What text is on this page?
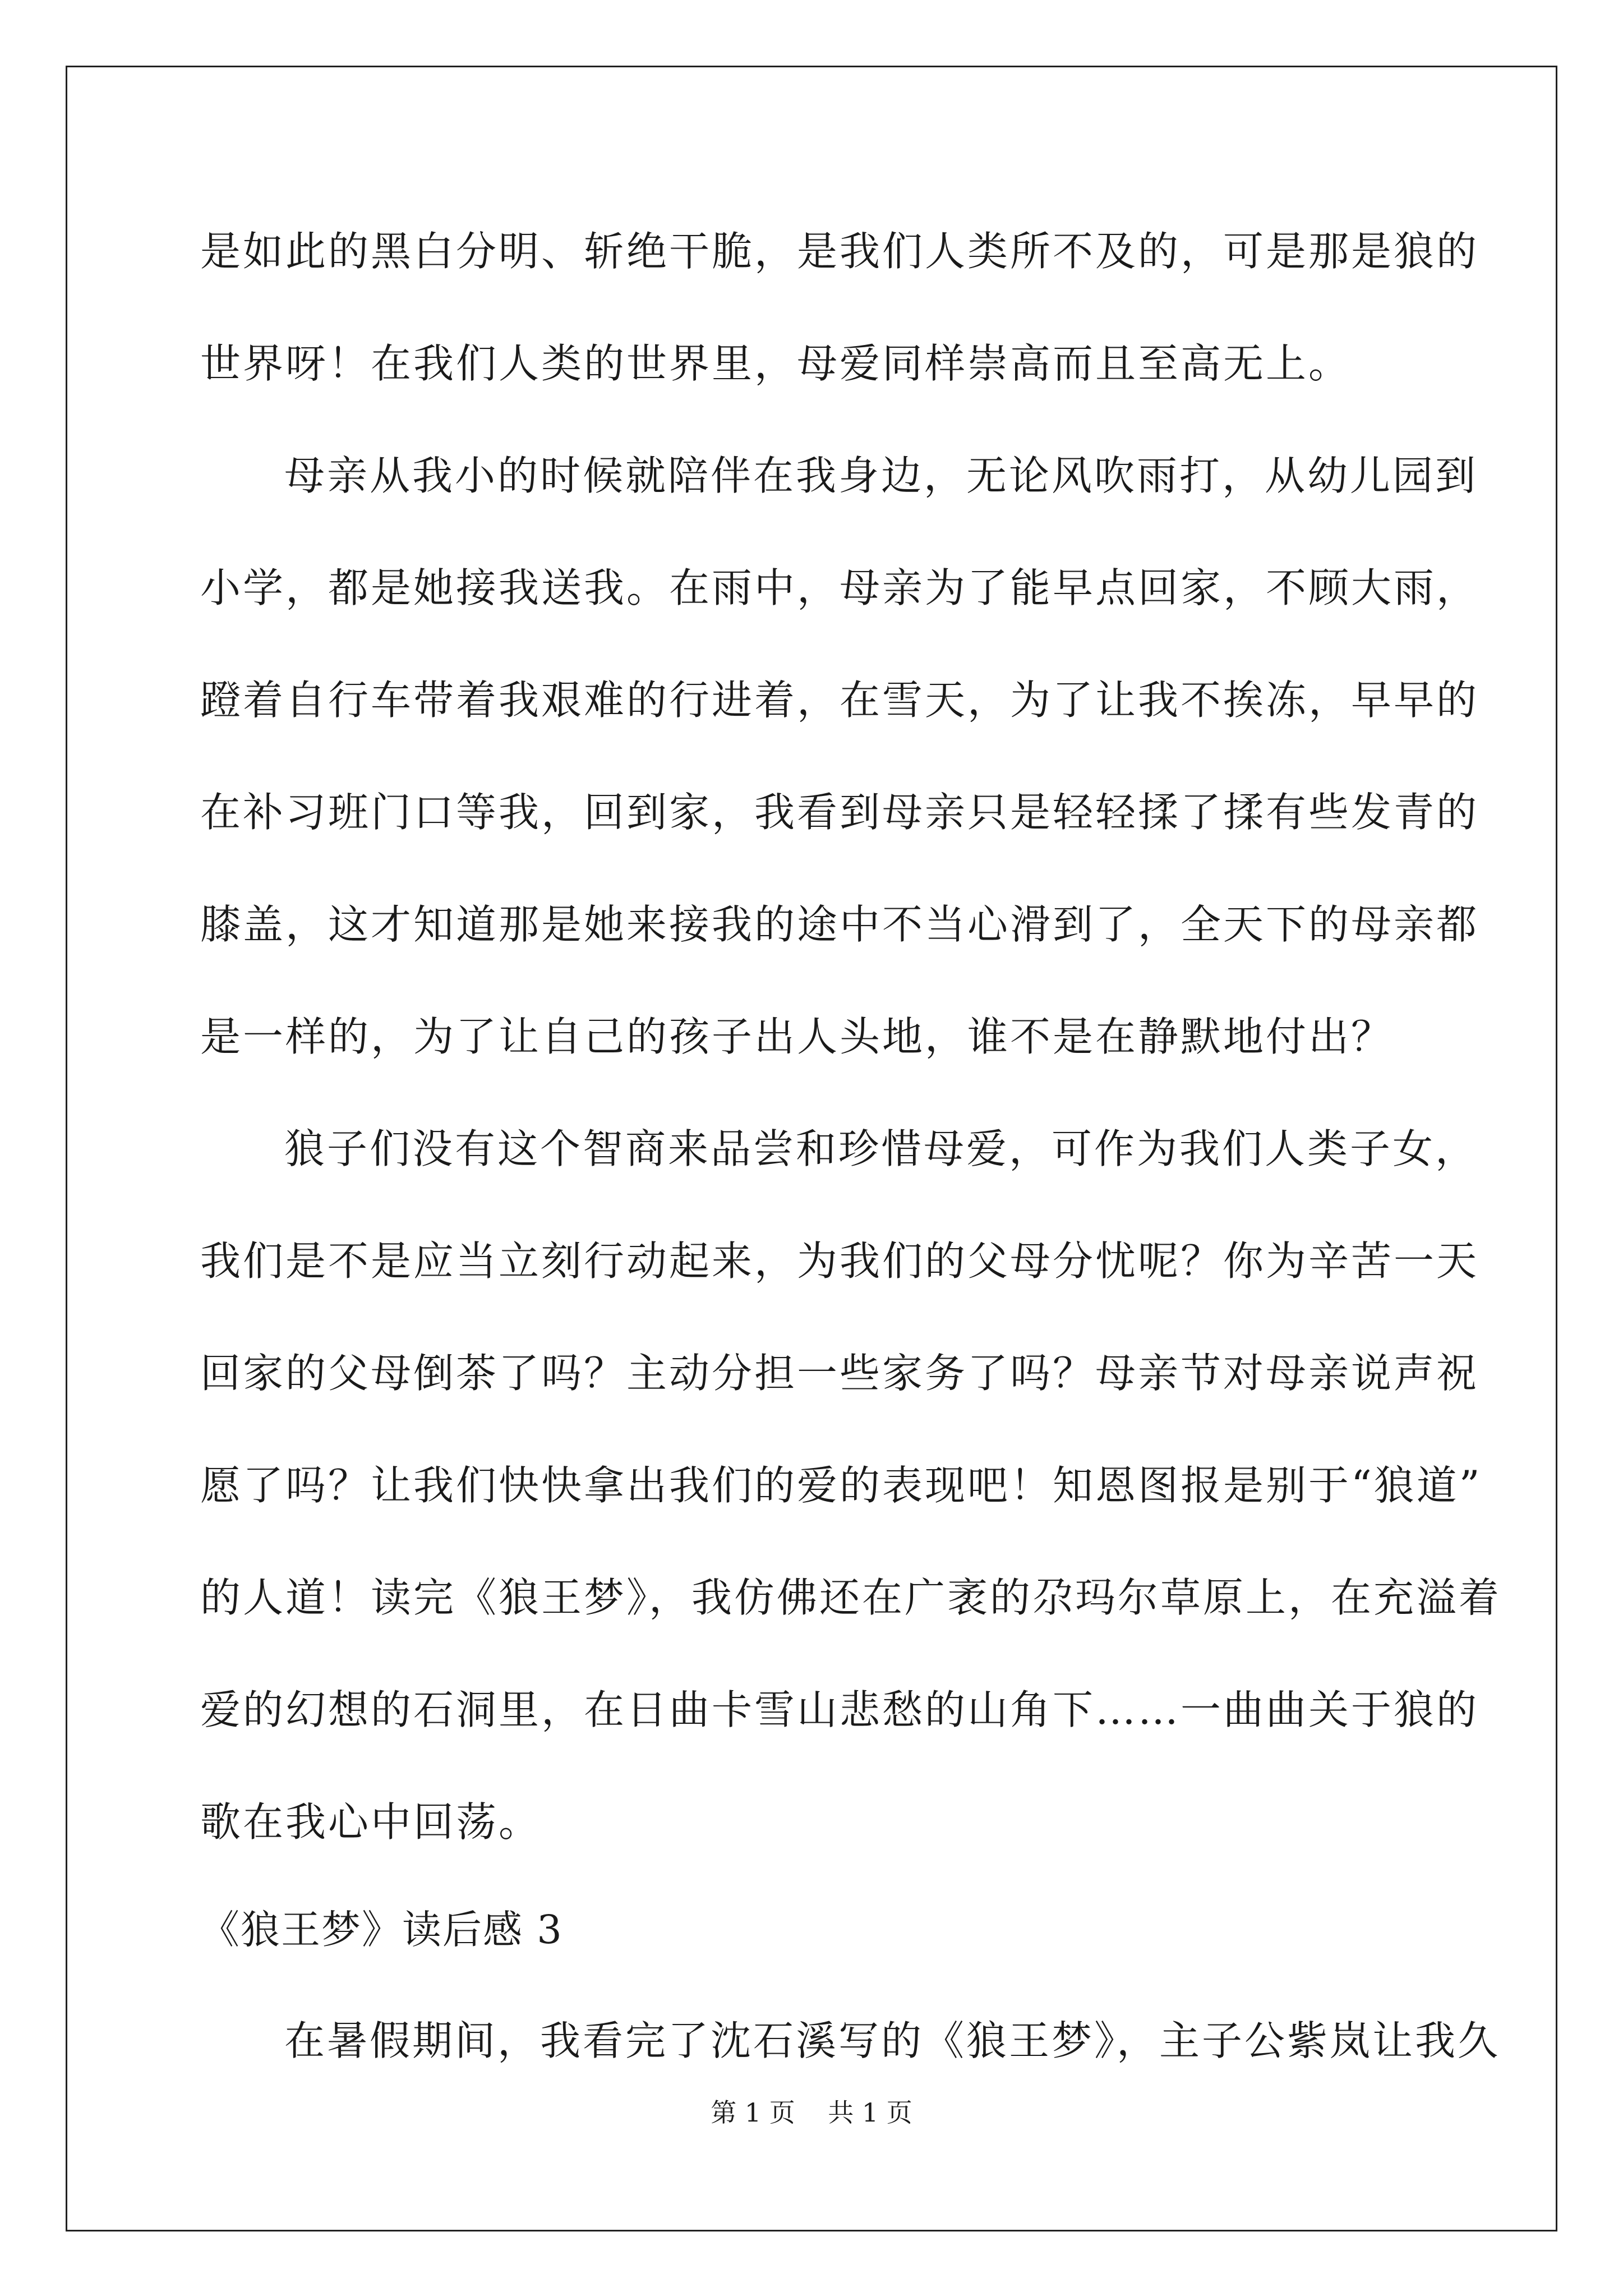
是如此的黑白分明、斩绝干脆，是我们人类所不及的，可是那是狼的
世界呀！在我们人类的世界里，母爱同样崇高而且至高无上。
母亲从我小的时候就陪伴在我身边，无论风吹雨打，从幼儿园到
小学，都是她接我送我。在雨中，母亲为了能早点回家，不顾大雨，
蹬着自行车带着我艰难的行进着，在雪天，为了让我不挨冻，早早的
在补习班门口等我，回到家，我看到母亲只是轻轻揉了揉有些发青的
膝盖，这才知道那是她来接我的途中不当心滑到了，全天下的母亲都
是一样的，为了让自己的孩子出人头地，谁不是在静默地付出？
狼子们没有这个智商来品尝和珍惜母爱，可作为我们人类子女，
我们是不是应当立刻行动起来，为我们的父母分忧呢？你为辛苦一天
回家的父母倒茶了吗？主动分担一些家务了吗？母亲节对母亲说声祝
愿了吗？让我们快快拿出我们的爱的表现吧！知恩图报是别于“狼道”
的人道！读完《狼王梦》，我仿佛还在广袤的尕玛尔草原上，在充溢着
爱的幻想的石洞里，在日曲卡雪山悲愁的山角下……一曲曲关于狼的
歌在我心中回荡。
《狼王梦》读后感 3
在暑假期间，我看完了沈石溪写的《狼王梦》，主子公紫岚让我久
第 1 页    共 1 页
